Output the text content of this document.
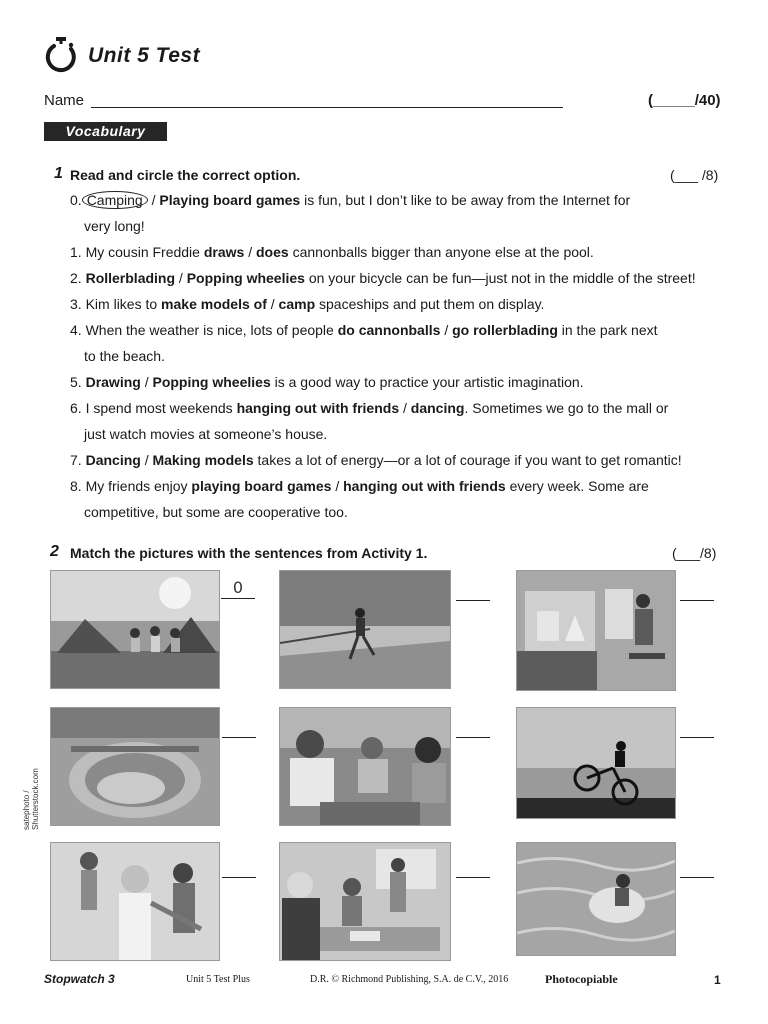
Unit 5 Test
Name	(_____/40)
Vocabulary
1 Read and circle the correct option.	(___ /8)
0. Camping / Playing board games is fun, but I don’t like to be away from the Internet for
very long!
1. My cousin Freddie draws / does cannonballs bigger than anyone else at the pool.
2. Rollerblading / Popping wheelies on your bicycle can be fun—just not in the middle of the street!
3. Kim likes to make models of / camp spaceships and put them on display.
4. When the weather is nice, lots of people do cannonballs / go rollerblading in the park next
to the beach.
5. Drawing / Popping wheelies is a good way to practice your artistic imagination.
6. I spend most weekends hanging out with friends / dancing. Sometimes we go to the mall or
just watch movies at someone’s house.
7. Dancing / Making models takes a lot of energy—or a lot of courage if you want to get romantic!
8. My friends enjoy playing board games / hanging out with friends every week. Some are
competitive, but some are cooperative too.
2 Match the pictures with the sentences from Activity 1.	(___/8)
0
satephoto /
Shutterstock.com
Stopwatch 3	Unit 5 Test Plus	D.R. © Richmond Publishing, S.A. de C.V., 2016	Photocopiable	1
